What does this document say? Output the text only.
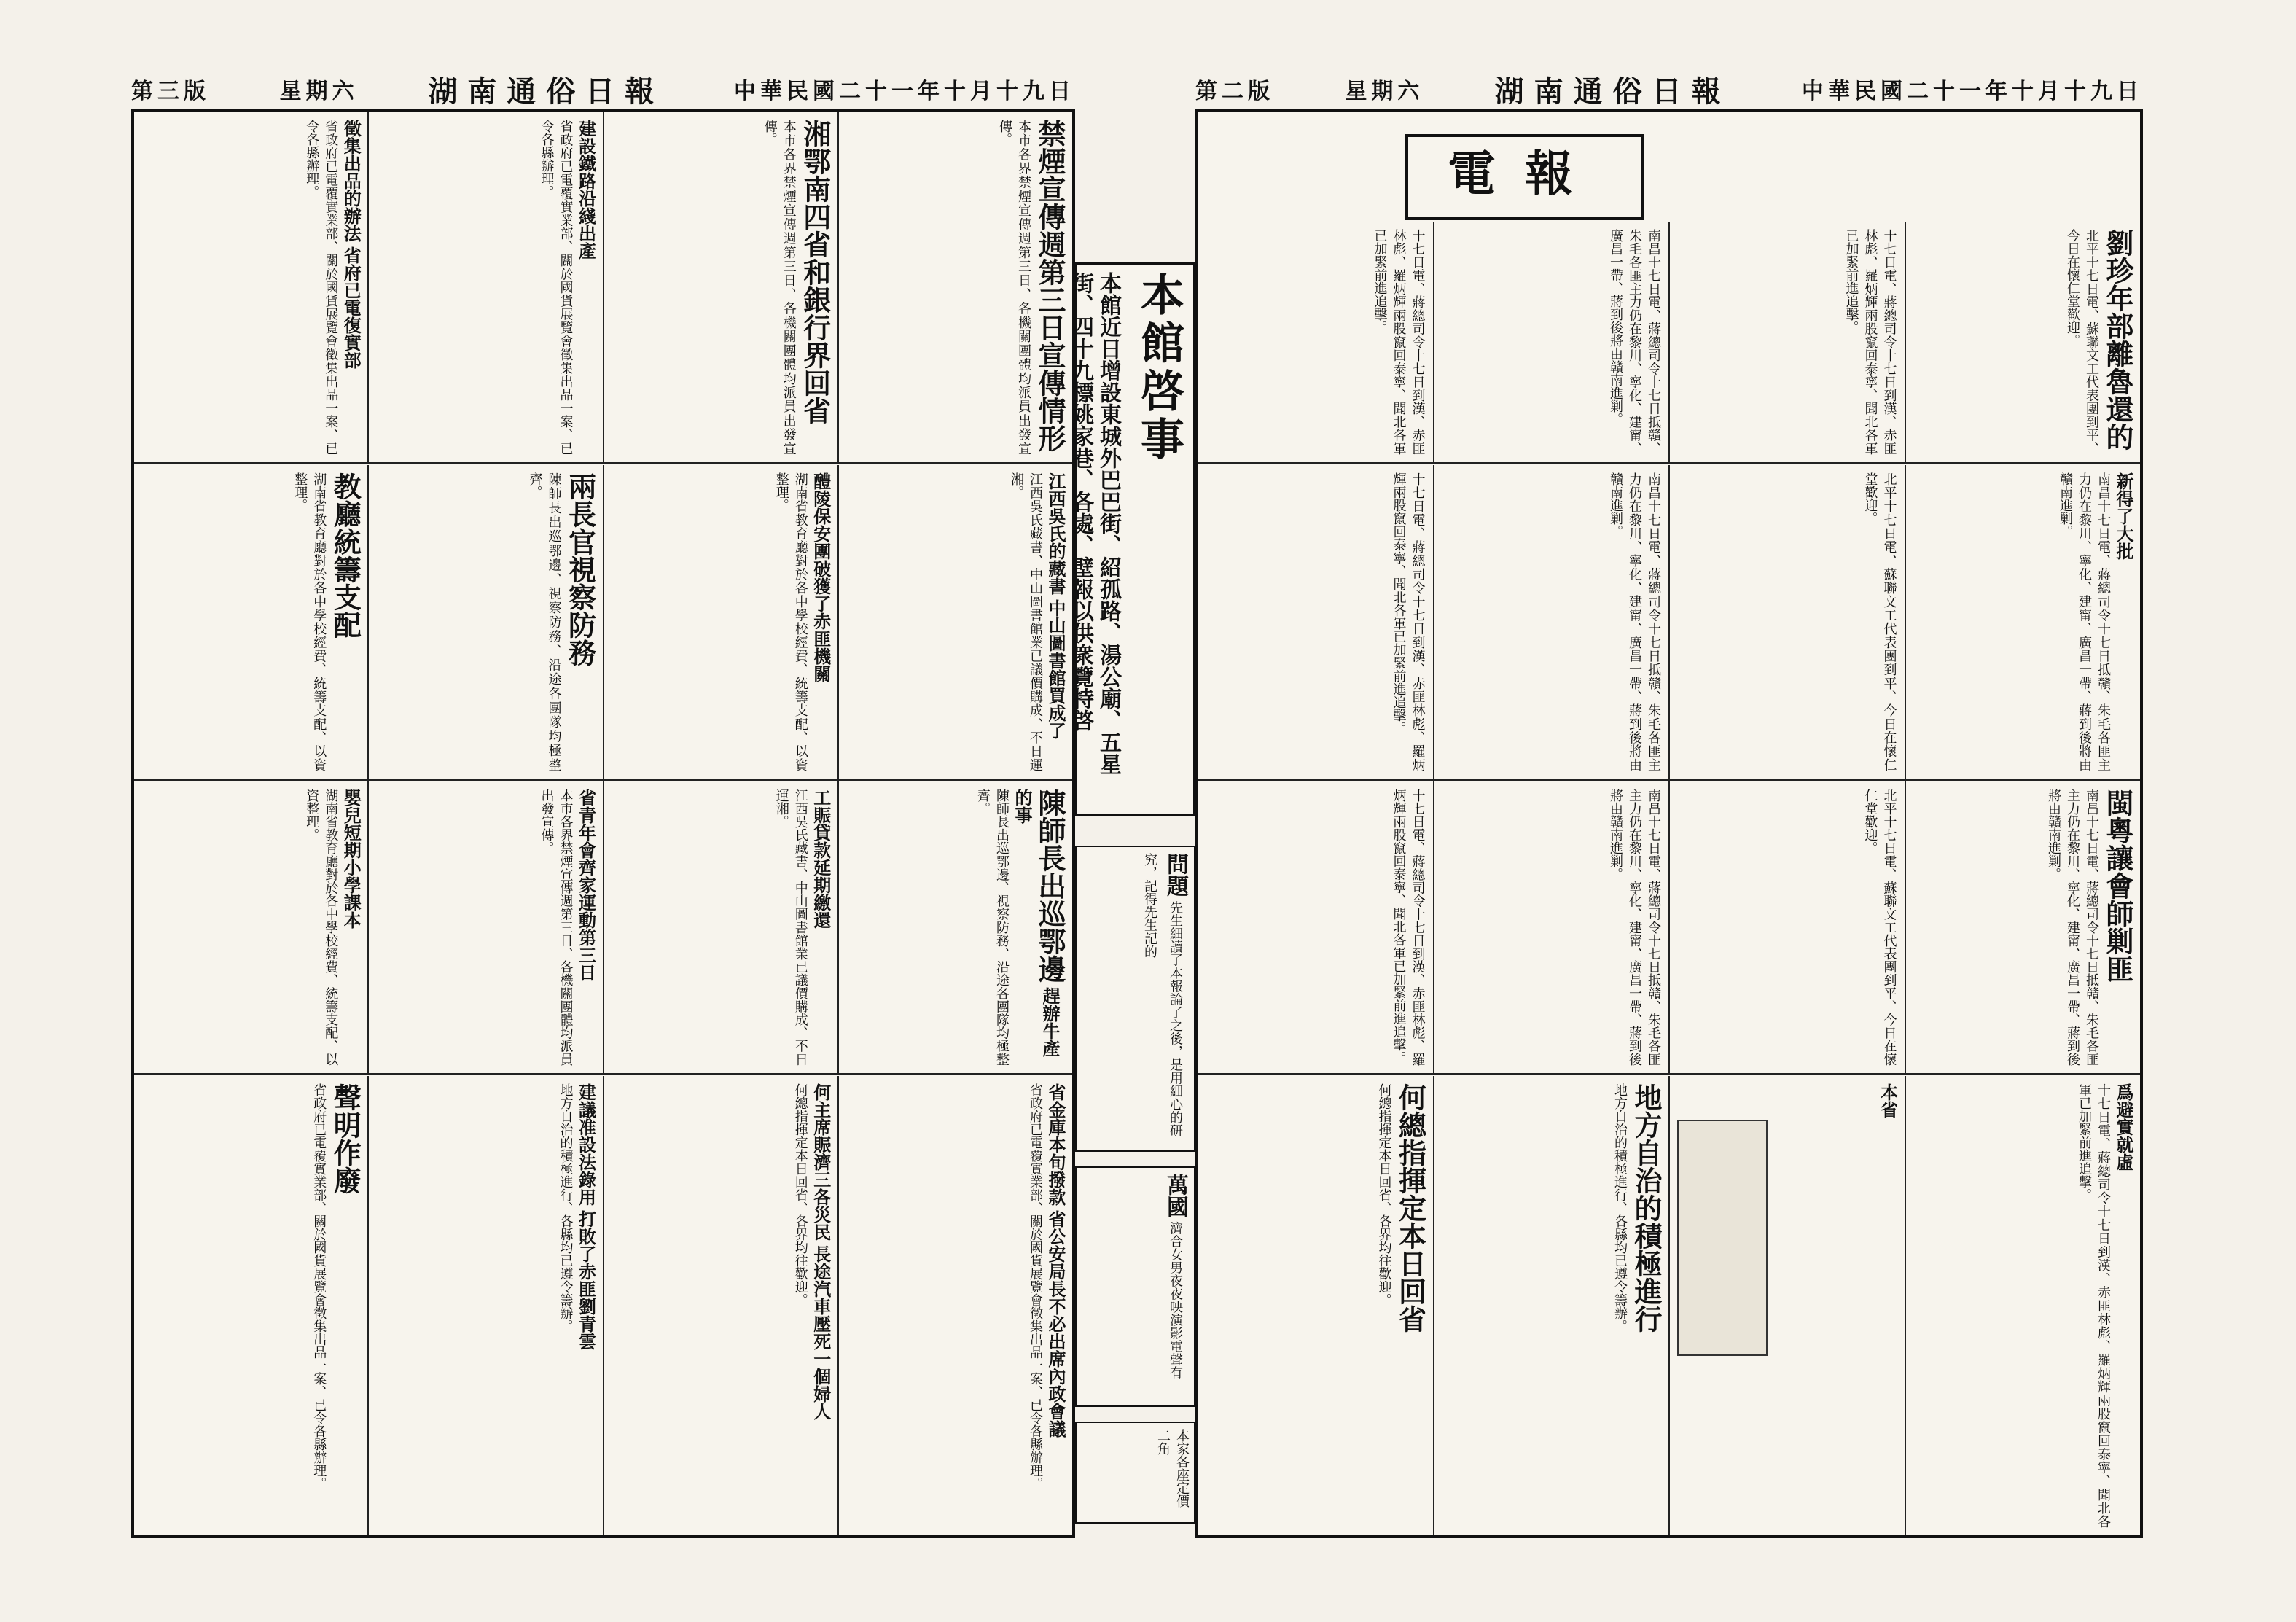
第三版	星期六 湖南通俗日報	中華民國二十一年十月十九日	第二版	星期六 湖南通俗日報	中華民國二十一年十月十九日
禁煙宣傳週第三日宣傳情形

本市各界禁煙宣傳週第三日、各機關團體均派員出發宣傳。

湘鄂南四省和銀行界回省

本市各界禁煙宣傳週第三日、各機關團體均派員出發宣傳。

建設鐵路沿綫出產

省政府已電覆實業部、關於國貨展覽會徵集出品一案、已令各縣辦理。

徵集出品的辦法 省府已電復實部

省政府已電覆實業部、關於國貨展覽會徵集出品一案、已令各縣辦理。

江西吳氏的藏書 中山圖書館買成了

江西吳氏藏書、中山圖書館業已議價購成、不日運湘。

醴陵保安團破獲了赤匪機關

湖南省教育廳對於各中學校經費、統籌支配、以資整理。

兩長官視察防務

陳師長出巡鄂邊、視察防務、沿途各團隊均極整齊。

教廳統籌支配

湖南省教育廳對於各中學校經費、統籌支配、以資整理。

陳師長出巡鄂邊 趕辦牛產的事

陳師長出巡鄂邊、視察防務、沿途各團隊均極整齊。

工賑貸款延期繳還

江西吳氏藏書、中山圖書館業已議價購成、不日運湘。

省青年會齊家運動第三日

本市各界禁煙宣傳週第三日、各機關團體均派員出發宣傳。

嬰兒短期小學課本

湖南省教育廳對於各中學校經費、統籌支配、以資整理。

省金庫本旬撥款 省公安局長不必出席內政會議

省政府已電覆實業部、關於國貨展覽會徵集出品一案、已令各縣辦理。

何主席賑濟三各災民 長途汽車壓死一個婦人

何總指揮定本日回省、各界均往歡迎。

建議准設法錄用 打敗了赤匪劉青雲

地方自治的積極進行、各縣均已遵令籌辦。

聲明作廢

省政府已電覆實業部、關於國貨展覽會徵集出品一案、已令各縣辦理。

本館啓事
本館近日增設東城外巴巴街、紹孤路、湯公廟、五星街、四十九標姚家巷、各處、壁報以供衆覽特啓
問題 先生細讀了本報論了之後，是用細心的研究，記得先生記的
萬國 濟合女男夜夜映演影電聲有
本家各座定價二角
電報
劉珍年部離魯還的

北平十七日電、蘇聯文工代表團到平、今日在懷仁堂歡迎。

十七日電、蔣總司令十七日到漢、赤匪林彪、羅炳輝兩股竄回泰寧、聞北各軍已加緊前進追擊。

南昌十七日電、蔣總司令十七日抵贛、朱毛各匪主力仍在黎川、寧化、建甯、廣昌一帶、蔣到後將由贛南進剿。

十七日電、蔣總司令十七日到漢、赤匪林彪、羅炳輝兩股竄回泰寧、聞北各軍已加緊前進追擊。

新得了大批

南昌十七日電、蔣總司令十七日抵贛、朱毛各匪主力仍在黎川、寧化、建甯、廣昌一帶、蔣到後將由贛南進剿。

北平十七日電、蘇聯文工代表團到平、今日在懷仁堂歡迎。

南昌十七日電、蔣總司令十七日抵贛、朱毛各匪主力仍在黎川、寧化、建甯、廣昌一帶、蔣到後將由贛南進剿。

十七日電、蔣總司令十七日到漢、赤匪林彪、羅炳輝兩股竄回泰寧、聞北各軍已加緊前進追擊。

閩粵讓會師剿匪

南昌十七日電、蔣總司令十七日抵贛、朱毛各匪主力仍在黎川、寧化、建甯、廣昌一帶、蔣到後將由贛南進剿。

北平十七日電、蘇聯文工代表團到平、今日在懷仁堂歡迎。

南昌十七日電、蔣總司令十七日抵贛、朱毛各匪主力仍在黎川、寧化、建甯、廣昌一帶、蔣到後將由贛南進剿。

十七日電、蔣總司令十七日到漢、赤匪林彪、羅炳輝兩股竄回泰寧、聞北各軍已加緊前進追擊。

爲避實就虛

十七日電、蔣總司令十七日到漢、赤匪林彪、羅炳輝兩股竄回泰寧、聞北各軍已加緊前進追擊。

本省
地方自治的積極進行

地方自治的積極進行、各縣均已遵令籌辦。

何總指揮定本日回省

何總指揮定本日回省、各界均往歡迎。
